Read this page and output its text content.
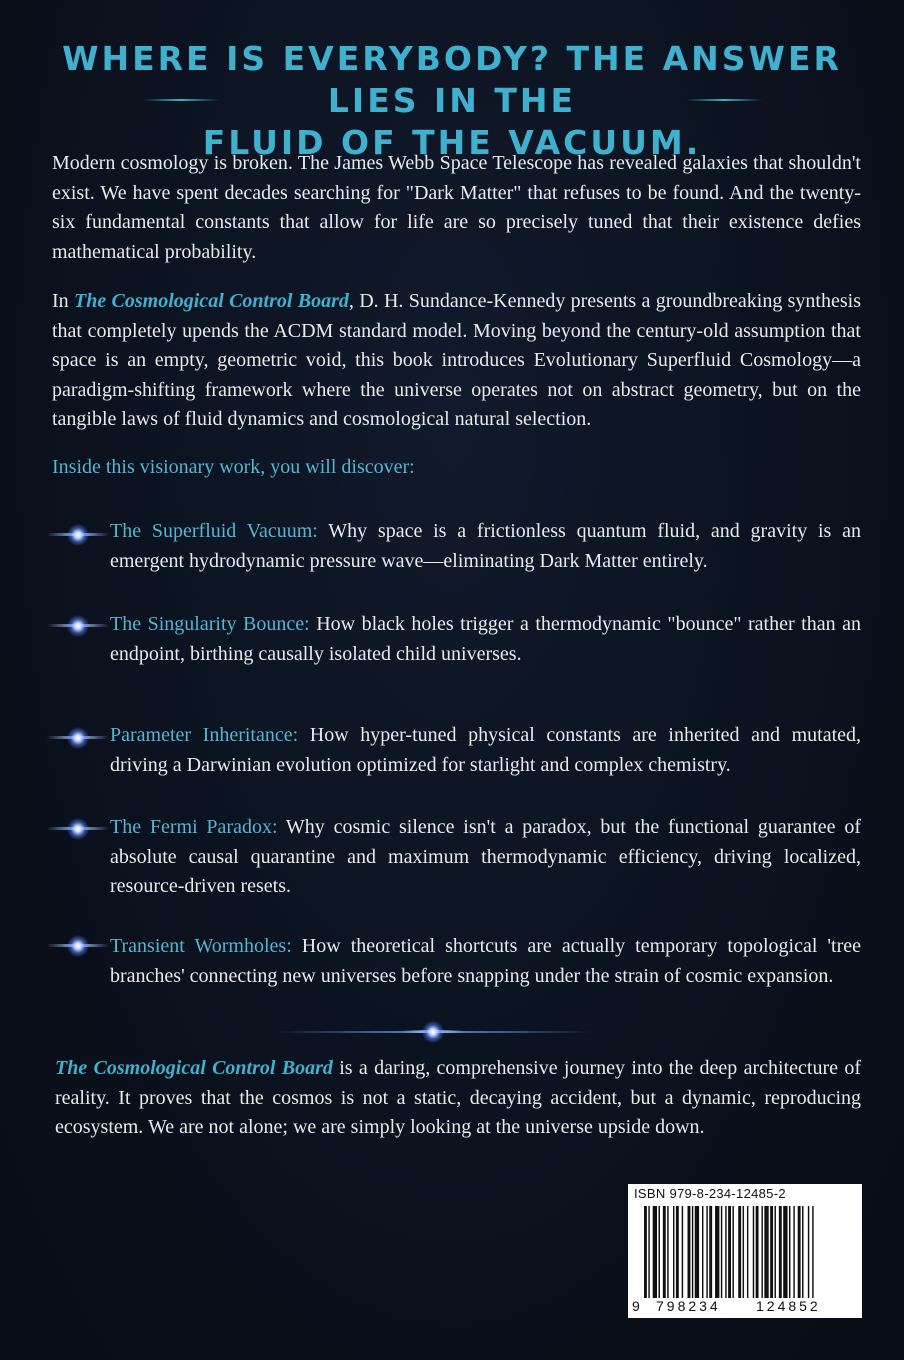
WHERE IS EVERYBODY? THE ANSWER LIES IN THE
FLUID OF THE VACUUM.
Modern cosmology is broken. The James Webb Space Telescope has revealed galaxies that shouldn't exist. We have spent decades searching for "Dark Matter" that refuses to be found. And the twenty-six fundamental constants that allow for life are so precisely tuned that their existence defies mathematical probability.
In The Cosmological Control Board, D. H. Sundance-Kennedy presents a groundbreaking synthesis that completely upends the ACDM standard model. Moving beyond the century-old assumption that space is an empty, geometric void, this book introduces Evolutionary Superfluid Cosmology—a paradigm-shifting framework where the universe operates not on abstract geometry, but on the tangible laws of fluid dynamics and cosmological natural selection.
Inside this visionary work, you will discover:
The Superfluid Vacuum: Why space is a frictionless quantum fluid, and gravity is an emergent hydrodynamic pressure wave—eliminating Dark Matter entirely.
The Singularity Bounce: How black holes trigger a thermodynamic "bounce" rather than an endpoint, birthing causally isolated child universes.
Parameter Inheritance: How hyper-tuned physical constants are inherited and mutated, driving a Darwinian evolution optimized for starlight and complex chemistry.
The Fermi Paradox: Why cosmic silence isn't a paradox, but the functional guarantee of absolute causal quarantine and maximum thermodynamic efficiency, driving localized, resource-driven resets.
Transient Wormholes: How theoretical shortcuts are actually temporary topological 'tree branches' connecting new universes before snapping under the strain of cosmic expansion.
The Cosmological Control Board is a daring, comprehensive journey into the deep architecture of reality. It proves that the cosmos is not a static, decaying accident, but a dynamic, reproducing ecosystem. We are not alone; we are simply looking at the universe upside down.
ISBN 979-8-234-12485-2
9 798234	124852
